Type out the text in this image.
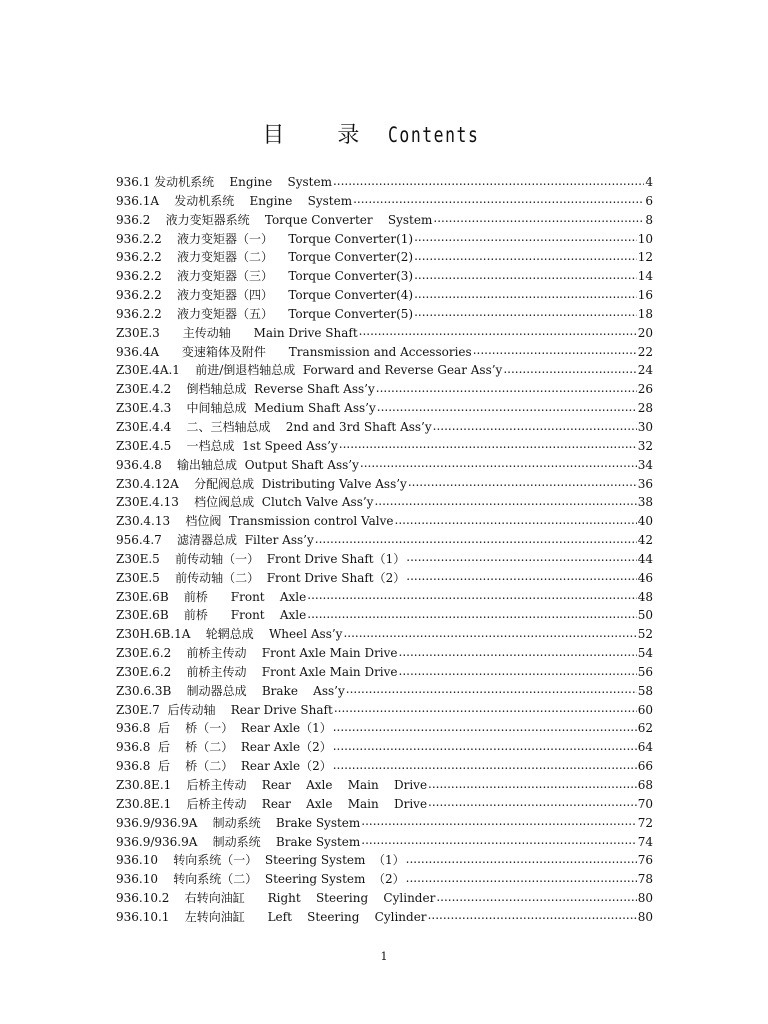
目 录 Contents
936.1 发动机系统    Engine    System .....	4
936.1A    发动机系统    Engine    System .....	6
936.2    液力变矩器系统    Torque Converter    System .....	8
936.2.2    液力变矩器（一）    Torque Converter(1) .....	10
936.2.2    液力变矩器（二）    Torque Converter(2) .....	12
936.2.2    液力变矩器（三）    Torque Converter(3) .....	14
936.2.2    液力变矩器（四）    Torque Converter(4) .....	16
936.2.2    液力变矩器（五）    Torque Converter(5) .....	18
Z30E.3      主传动轴      Main Drive Shaft .....	20
936.4A      变速箱体及附件      Transmission and Accessories .....	22
Z30E.4A.1    前进/倒退档轴总成  Forward and Reverse Gear Ass’y .....	24
Z30E.4.2    倒档轴总成  Reverse Shaft Ass’y .....	26
Z30E.4.3    中间轴总成  Medium Shaft Ass’y .....	28
Z30E.4.4    二、三档轴总成    2nd and 3rd Shaft Ass’y .....	30
Z30E.4.5    一档总成  1st Speed Ass’y .....	32
936.4.8    输出轴总成  Output Shaft Ass’y .....	34
Z30.4.12A    分配阀总成  Distributing Valve Ass’y .....	36
Z30E.4.13    档位阀总成  Clutch Valve Ass’y .....	38
Z30.4.13    档位阀  Transmission control Valve .....	40
956.4.7    滤清器总成  Filter Ass’y .....	42
Z30E.5    前传动轴（一）  Front Drive Shaft（1） .....	44
Z30E.5    前传动轴（二）  Front Drive Shaft（2） .....	46
Z30E.6B    前桥      Front    Axle .....	48
Z30E.6B    前桥      Front    Axle .....	50
Z30H.6B.1A    轮辋总成    Wheel Ass’y .....	52
Z30E.6.2    前桥主传动    Front Axle Main Drive .....	54
Z30E.6.2    前桥主传动    Front Axle Main Drive .....	56
Z30.6.3B    制动器总成    Brake    Ass’y .....	58
Z30E.7  后传动轴    Rear Drive Shaft .....	60
936.8  后    桥（一）  Rear Axle（1） .....	62
936.8  后    桥（二）  Rear Axle（2） .....	64
936.8  后    桥（二）  Rear Axle（2） .....	66
Z30.8E.1    后桥主传动    Rear    Axle    Main    Drive .....	68
Z30.8E.1    后桥主传动    Rear    Axle    Main    Drive .....	70
936.9/936.9A    制动系统    Brake System .....	72
936.9/936.9A    制动系统    Brake System .....	74
936.10    转向系统（一）  Steering System  （1） .....	76
936.10    转向系统（二）  Steering System  （2） .....	78
936.10.2    右转向油缸      Right    Steering    Cylinder .....	80
936.10.1    左转向油缸      Left    Steering    Cylinder .....	80
1
